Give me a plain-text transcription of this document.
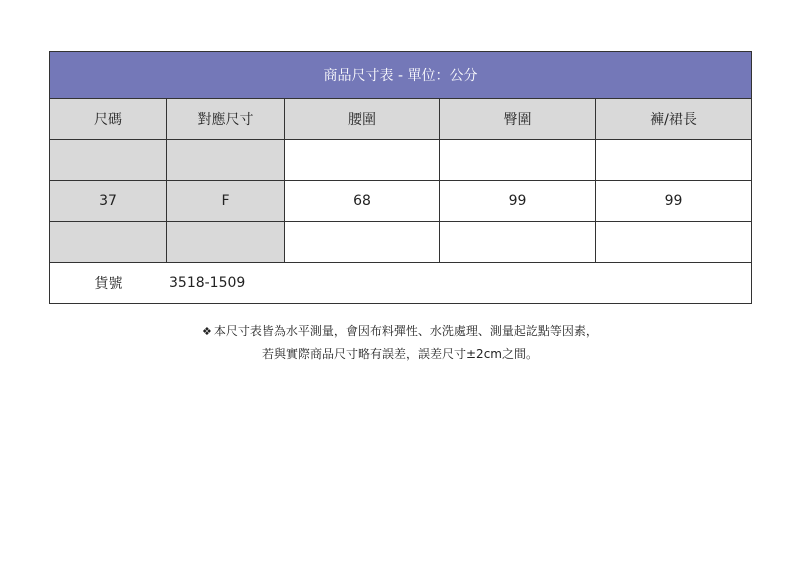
商品尺寸表 - 單位：公分				
尺碼	對應尺寸	腰圍	臀圍	褲/裙長

37	F	68	99	99

貨號 3518-1509				
❖ 本尺寸表皆為水平測量，會因布料彈性、水洗處理、測量起訖點等因素，
若與實際商品尺寸略有誤差，誤差尺寸±2cm之間。
